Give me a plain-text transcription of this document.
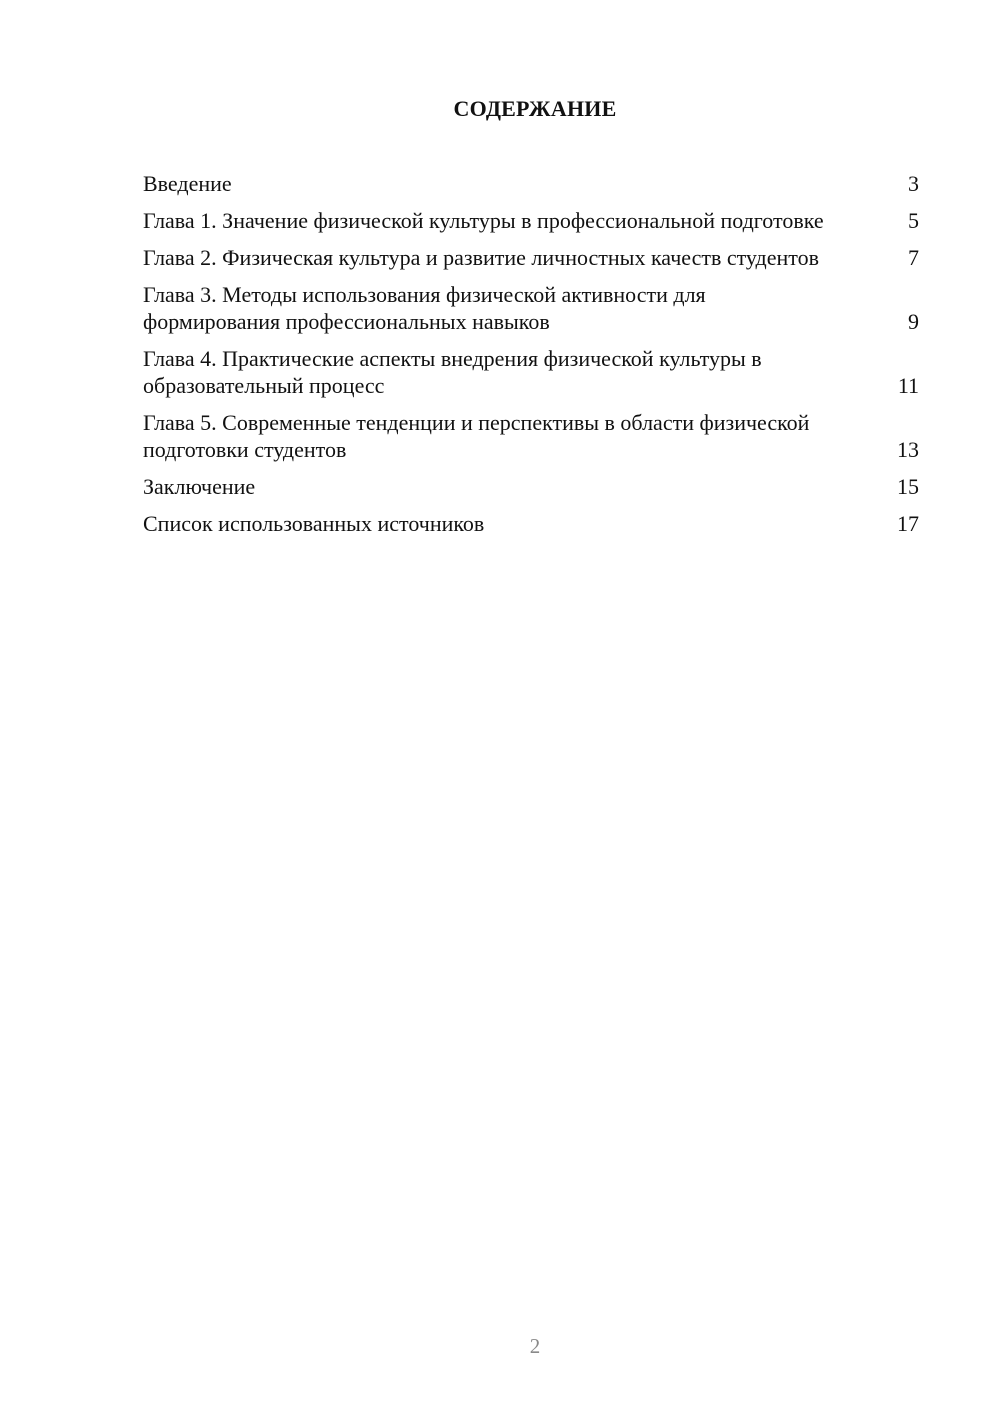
СОДЕРЖАНИЕ
Введение	3
Глава 1. Значение физической культуры в профессиональной подготовке	5
Глава 2. Физическая культура и развитие личностных качеств студентов	7
Глава 3. Методы использования физической активности для формирования профессиональных навыков	9
Глава 4. Практические аспекты внедрения физической культуры в образовательный процесс	11
Глава 5. Современные тенденции и перспективы в области физической подготовки студентов	13
Заключение	15
Список использованных источников	17
2
